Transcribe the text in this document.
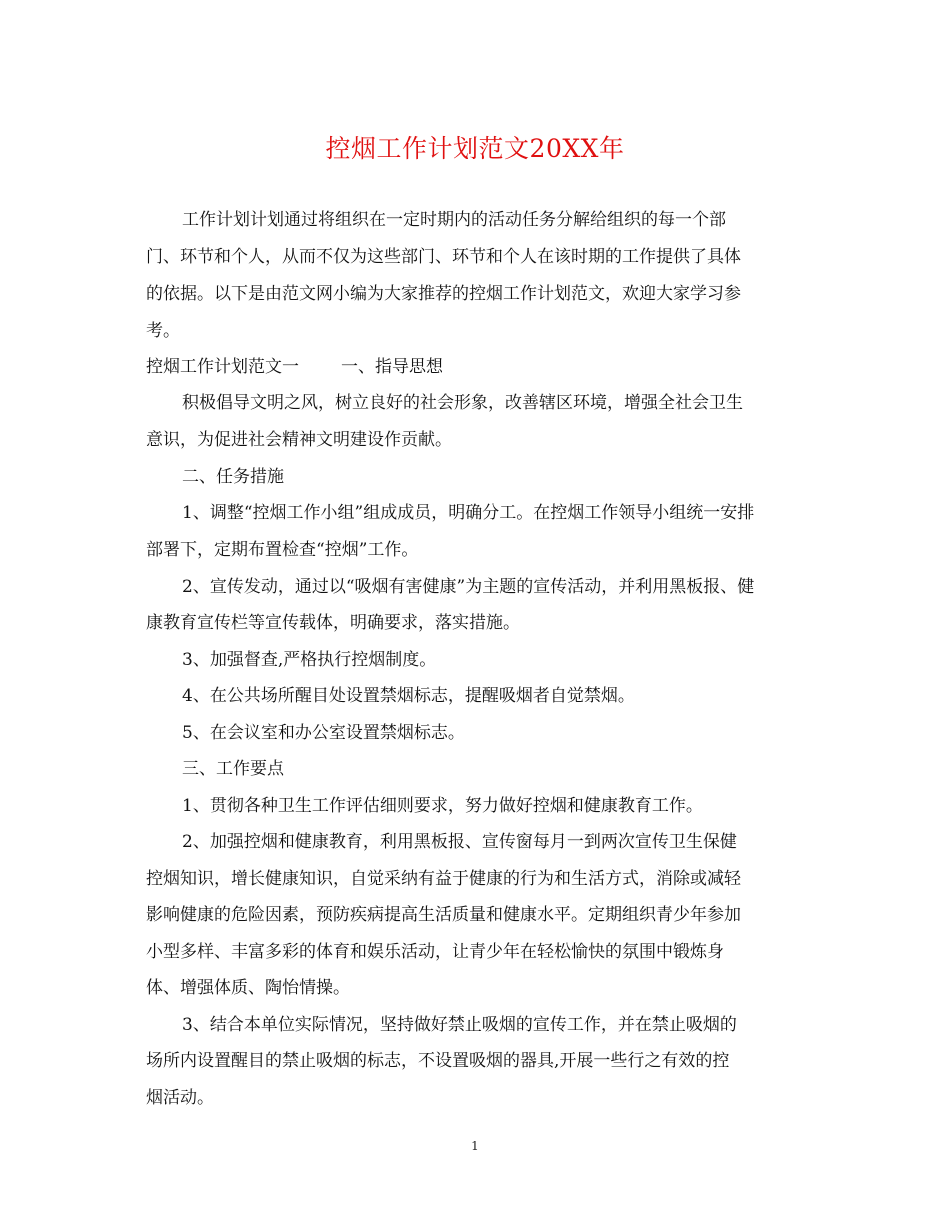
控烟工作计划范文20XX年
工作计划计划通过将组织在一定时期内的活动任务分解给组织的每一个部
门、环节和个人，从而不仅为这些部门、环节和个人在该时期的工作提供了具体
的依据。以下是由范文网小编为大家推荐的控烟工作计划范文，欢迎大家学习参
考。
控烟工作计划范文一 一、指导思想
积极倡导文明之风，树立良好的社会形象，改善辖区环境，增强全社会卫生
意识，为促进社会精神文明建设作贡献。
二、任务措施
1、调整“控烟工作小组”组成成员，明确分工。在控烟工作领导小组统一安排
部署下，定期布置检查“控烟”工作。
2、宣传发动，通过以“吸烟有害健康”为主题的宣传活动，并利用黑板报、健
康教育宣传栏等宣传载体，明确要求，落实措施。
3、加强督查,严格执行控烟制度。
4、在公共场所醒目处设置禁烟标志，提醒吸烟者自觉禁烟。
5、在会议室和办公室设置禁烟标志。
三、工作要点
1、贯彻各种卫生工作评估细则要求，努力做好控烟和健康教育工作。
2、加强控烟和健康教育，利用黑板报、宣传窗每月一到两次宣传卫生保健
控烟知识，增长健康知识，自觉采纳有益于健康的行为和生活方式，消除或减轻
影响健康的危险因素，预防疾病提高生活质量和健康水平。定期组织青少年参加
小型多样、丰富多彩的体育和娱乐活动，让青少年在轻松愉快的氛围中锻炼身
体、增强体质、陶怡情操。
3、结合本单位实际情况，坚持做好禁止吸烟的宣传工作，并在禁止吸烟的
场所内设置醒目的禁止吸烟的标志，不设置吸烟的器具,开展一些行之有效的控
烟活动。
1
